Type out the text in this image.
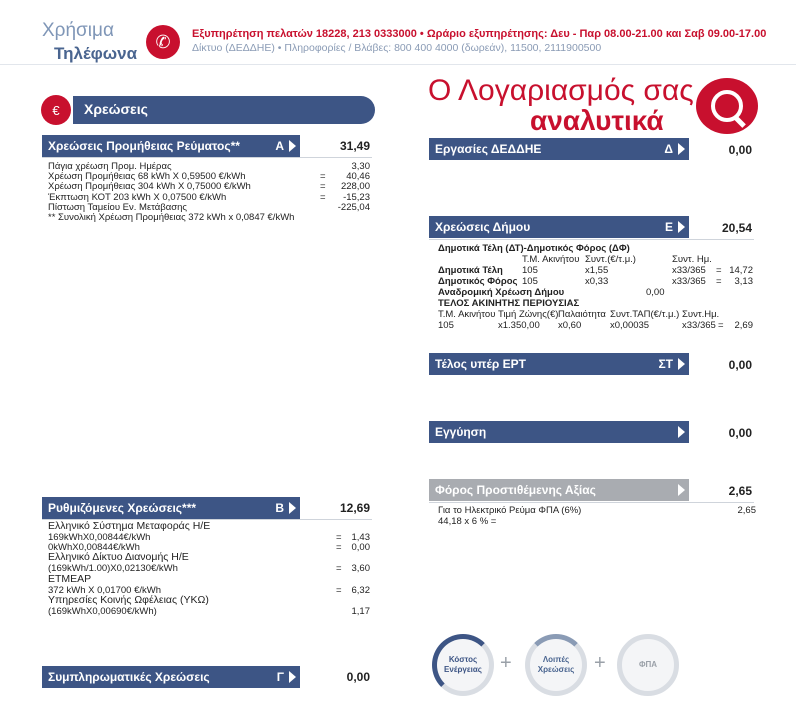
Χρήσιμα
Τηλέφωνα
✆	Εξυπηρέτηση πελατών 18228, 213 0333000 • Ωράριο εξυπηρέτησης: Δευ - Παρ 08.00-21.00 και Σαβ 09.00-17.00
Δίκτυο (ΔΕΔΔΗΕ) • Πληροφορίες / Βλάβες: 800 400 4000 (δωρεάν), 11500, 2111900500
€	Χρεώσεις
Ο Λογαριασμός σας
αναλυτικά
Χρεώσεις Προμήθειας Ρεύματος**	A	31,49
Πάγια χρέωση Προμ. Ημέρας	3,30
Χρέωση Προμήθειας 68 kWh X 0,59500 €/kWh	=	40,46
Χρέωση Προμήθειας 304 kWh X 0,75000 €/kWh	=	228,00
Έκπτωση ΚΟΤ 203 kWh X 0,07500 €/kWh	=	-15,23
Πίστωση Ταμείου Εν. Μετάβασης	-225,04
** Συνολική Χρέωση Προμήθειας 372 kWh x 0,0847 €/kWh
Ρυθμιζόμενες Χρεώσεις***	B	12,69
Ελληνικό Σύστημα Μεταφοράς Η/Ε
169kWhX0,00844€/kWh	=	1,43
0kWhX0,00844€/kWh	=	0,00
Ελληνικό Δίκτυο Διανομής Η/Ε
(169kWh/1.00)X0,02130€/kWh	=	3,60
ΕΤΜΕΑΡ
372 kWh X 0,01700 €/kWh	=	6,32
Υπηρεσίες Κοινής Ωφέλειας (ΥΚΩ)
(169kWhX0,00690€/kWh)	1,17
Συμπληρωματικές Χρεώσεις	Γ	0,00
Εργασίες ΔΕΔΔΗΕ	Δ	0,00
Χρεώσεις Δήμου	Ε	20,54
Δημοτικά Τέλη (ΔΤ)-Δημοτικός Φόρος (ΔΦ)
Τ.Μ. Ακινήτου Συντ.(€/τ.μ.)	Συντ. Ημ.
Δημοτικά Τέλη 105	x1,55	x33/365 = 14,72
Δημοτικός Φόρος 105	x0,33	x33/365 =	3,13
Αναδρομική Χρέωση Δήμου	0,00
ΤΕΛΟΣ ΑΚΙΝΗΤΗΣ ΠΕΡΙΟΥΣΙΑΣ
Τ.Μ. Ακινήτου Τιμή Ζώνης(€) Παλαιότητα Συντ.ΤΑΠ(€/τ.μ.) Συντ.Ημ.
105	x1.350,00 x0,60	x0,00035	x33/365 =	2,69
Τέλος υπέρ ΕΡΤ	ΣΤ	0,00
Εγγύηση	0,00
Φόρος Προστιθέμενης Αξίας	2,65
Για το Ηλεκτρικό Ρεύμα ΦΠΑ (6%)	2,65
44,18 x 6 % =
Κόστος Ενέργειας +	Λοιπές Χρεώσεις +	ΦΠΑ
